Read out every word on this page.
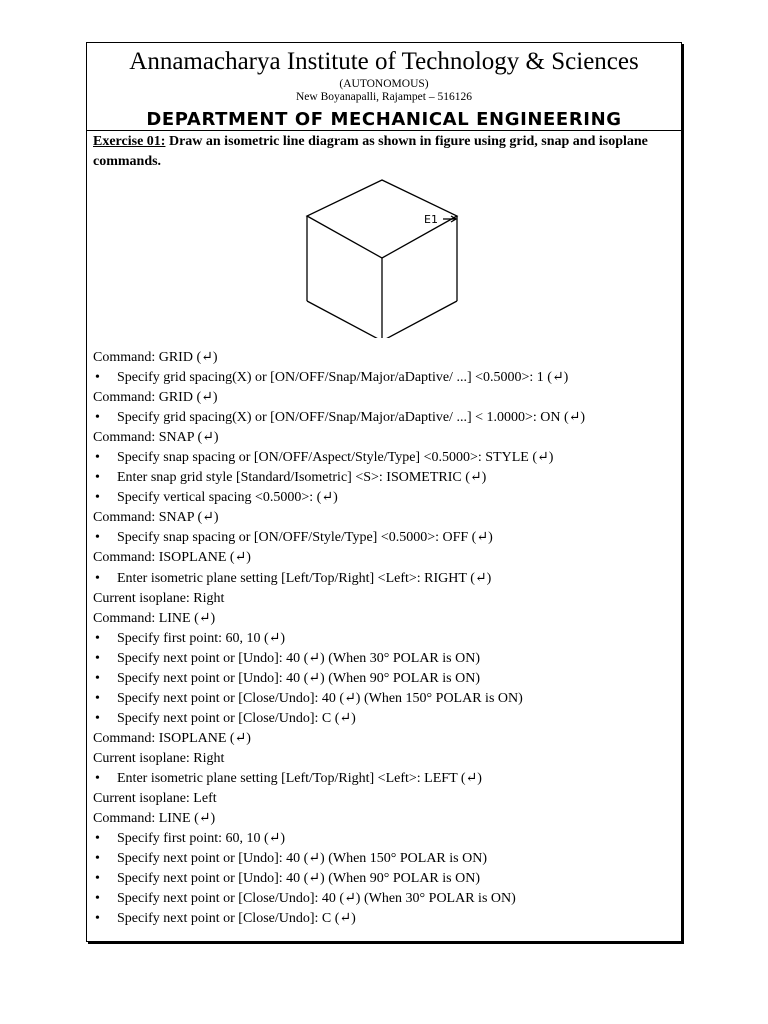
Annamacharya Institute of Technology & Sciences
(AUTONOMOUS)
New Boyanapalli, Rajampet – 516126
DEPARTMENT OF MECHANICAL ENGINEERING
Exercise 01: Draw an isometric line diagram as shown in figure using grid, snap and isoplane commands.
E1
Command: GRID (↵)
• Specify grid spacing(X) or [ON/OFF/Snap/Major/aDaptive/ ...] <0.5000>: 1 (↵)
Command: GRID (↵)
• Specify grid spacing(X) or [ON/OFF/Snap/Major/aDaptive/ ...] < 1.0000>: ON (↵)
Command: SNAP (↵)
• Specify snap spacing or [ON/OFF/Aspect/Style/Type] <0.5000>: STYLE (↵)
• Enter snap grid style [Standard/Isometric] <S>: ISOMETRIC (↵)
• Specify vertical spacing <0.5000>: (↵)
Command: SNAP (↵)
• Specify snap spacing or [ON/OFF/Style/Type] <0.5000>: OFF (↵)
Command: ISOPLANE (↵)
• Enter isometric plane setting [Left/Top/Right] <Left>: RIGHT (↵)
Current isoplane: Right
Command: LINE (↵)
• Specify first point: 60, 10 (↵)
• Specify next point or [Undo]: 40 (↵) (When 30° POLAR is ON)
• Specify next point or [Undo]: 40 (↵) (When 90° POLAR is ON)
• Specify next point or [Close/Undo]: 40 (↵) (When 150° POLAR is ON)
• Specify next point or [Close/Undo]: C (↵)
Command: ISOPLANE (↵)
Current isoplane: Right
• Enter isometric plane setting [Left/Top/Right] <Left>: LEFT (↵)
Current isoplane: Left
Command: LINE (↵)
• Specify first point: 60, 10 (↵)
• Specify next point or [Undo]: 40 (↵) (When 150° POLAR is ON)
• Specify next point or [Undo]: 40 (↵) (When 90° POLAR is ON)
• Specify next point or [Close/Undo]: 40 (↵) (When 30° POLAR is ON)
• Specify next point or [Close/Undo]: C (↵)
